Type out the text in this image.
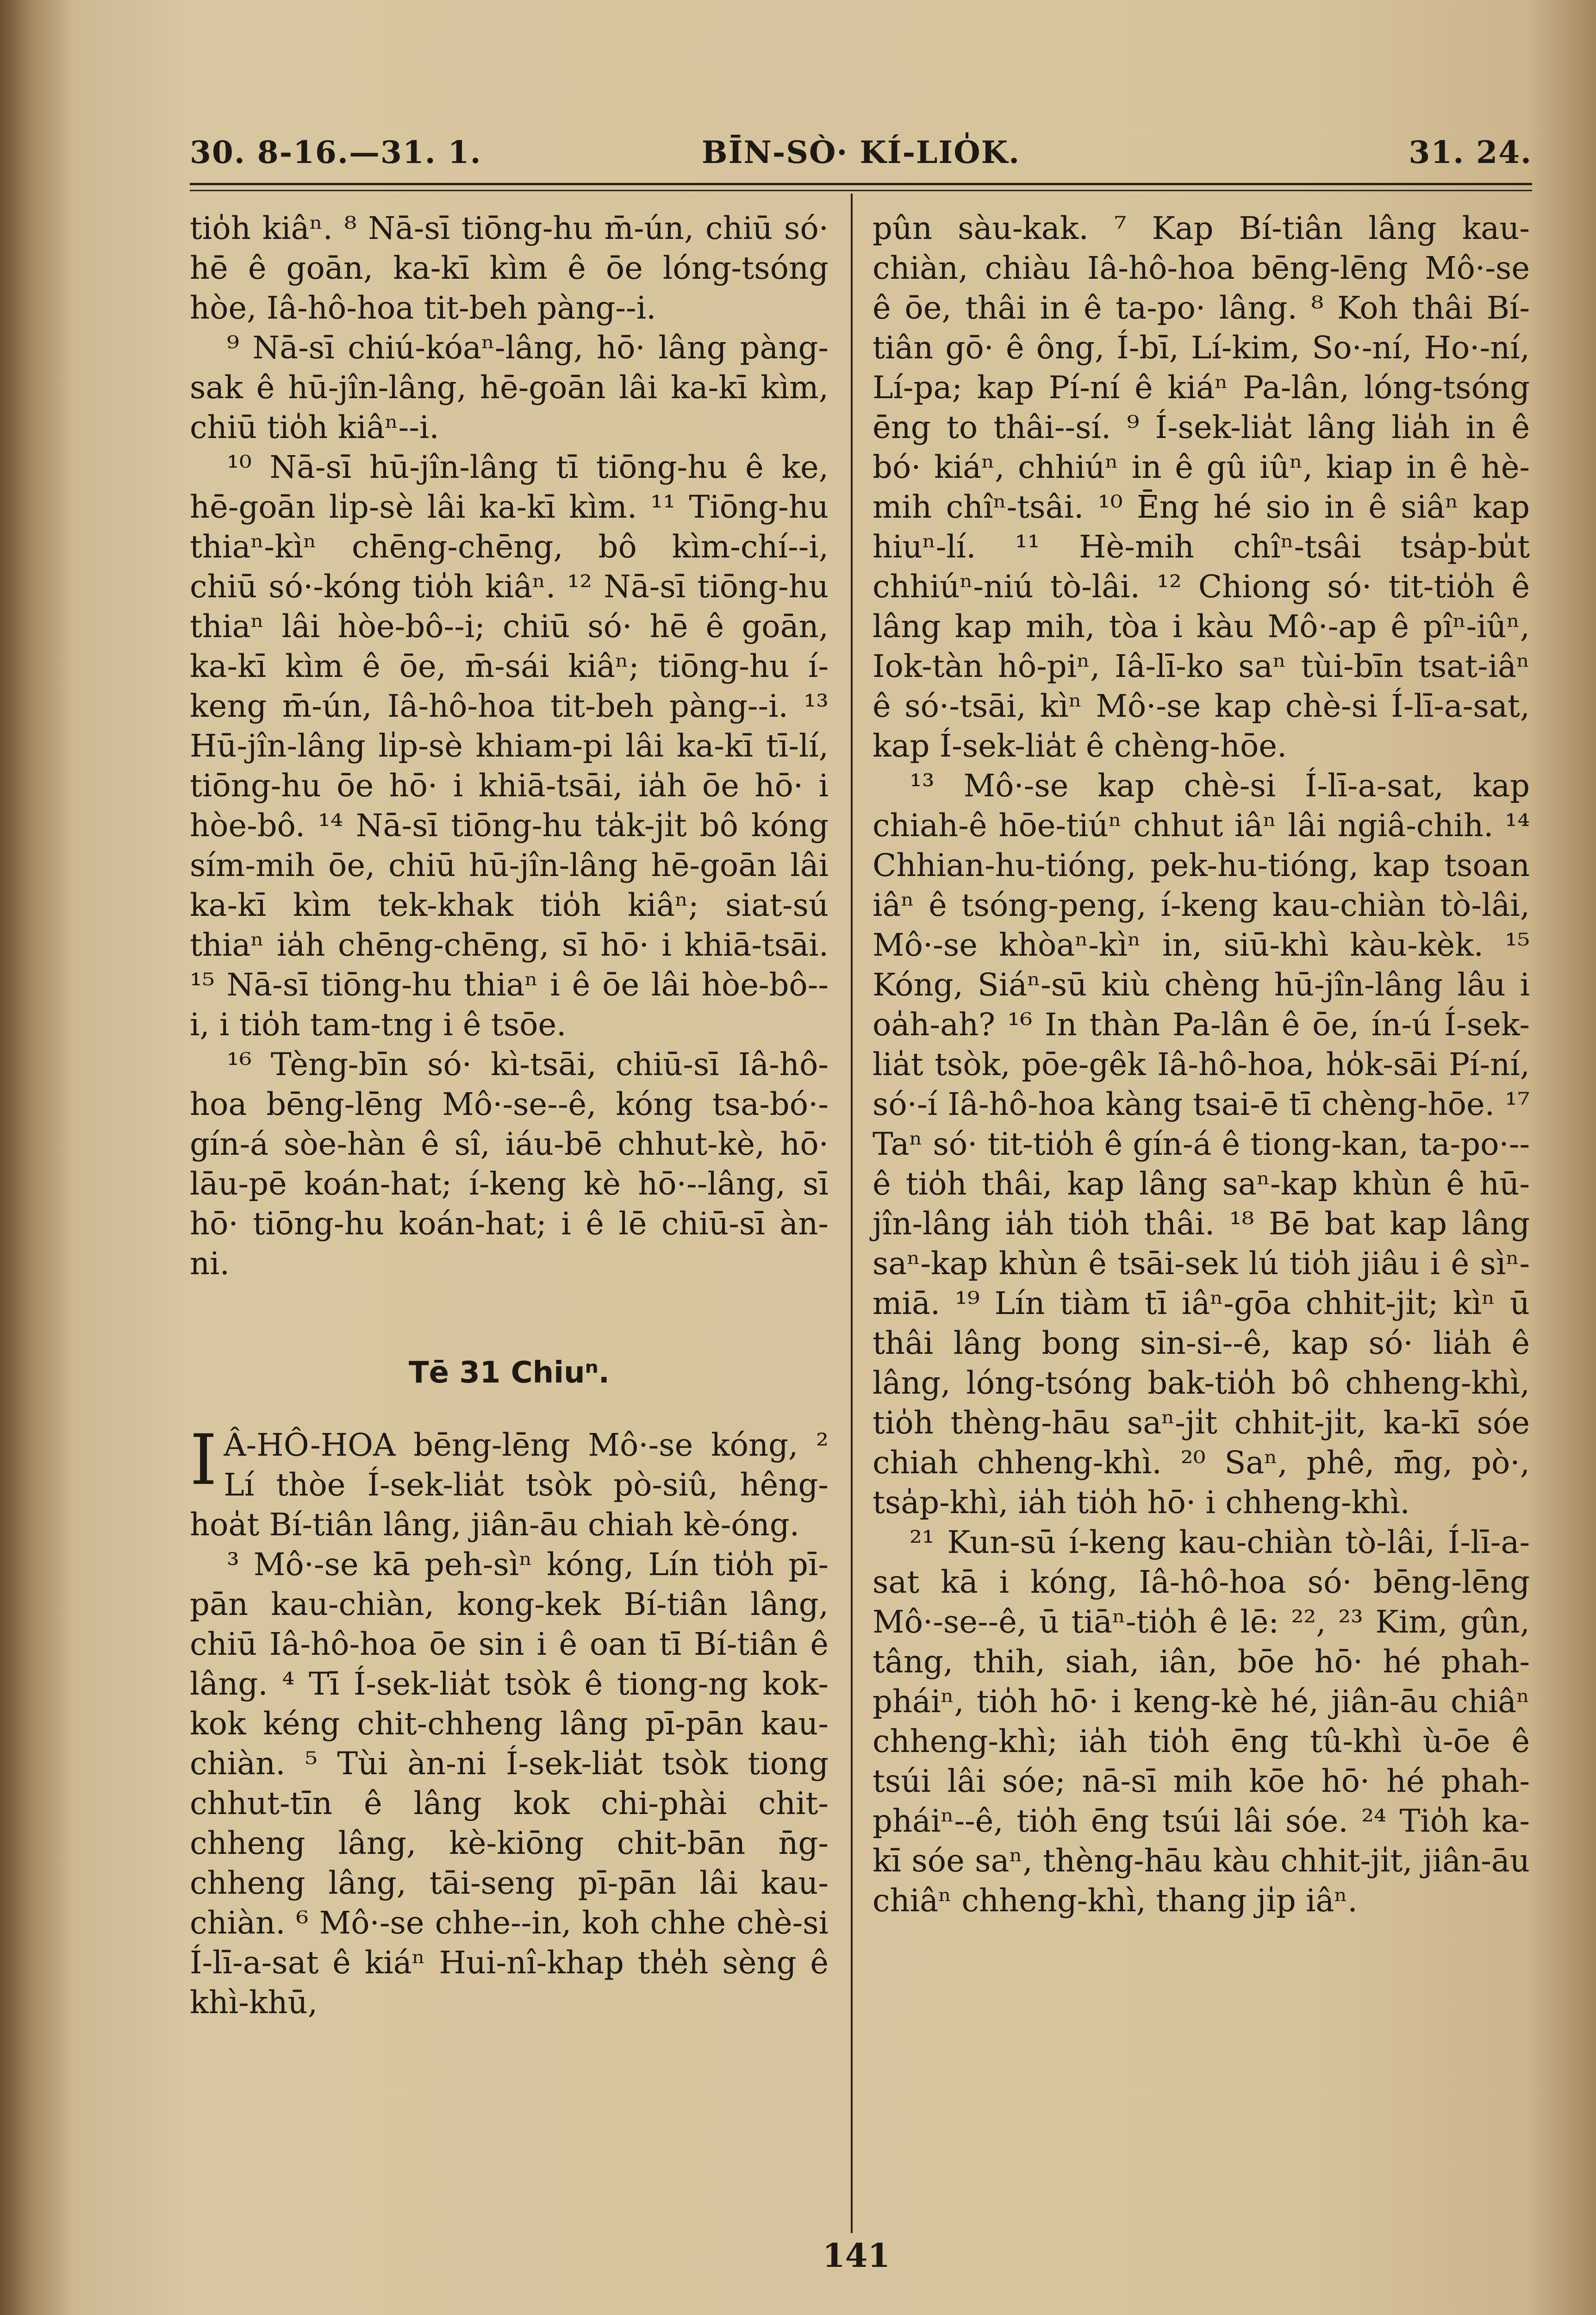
30. 8-16.—31. 1.	BĪN-SÒ· KÍ-LIO̍K.	31. 24.

tio̍h kiâⁿ. ⁸ Nā-sī tiōng-hu m̄-ún, chiū só· hē ê goān, ka-kī kìm ê ōe lóng-tsóng hòe, Iâ-hô-hoa tit-beh pàng--i.

⁹ Nā-sī chiú-kóaⁿ-lâng, hō· lâng pàng-sak ê hū-jîn-lâng, hē-goān lâi ka-kī kìm, chiū tio̍h kiâⁿ--i.

¹⁰ Nā-sī hū-jîn-lâng tī tiōng-hu ê ke, hē-goān li̍p-sè lâi ka-kī kìm. ¹¹ Tiōng-hu thiaⁿ-kìⁿ chēng-chēng, bô kìm-chí--i, chiū só·-kóng tio̍h kiâⁿ. ¹² Nā-sī tiōng-hu thiaⁿ lâi hòe-bô--i; chiū só· hē ê goān, ka-kī kìm ê ōe, m̄-sái kiâⁿ; tiōng-hu í-keng m̄-ún, Iâ-hô-hoa tit-beh pàng--i. ¹³ Hū-jîn-lâng li̍p-sè khiam-pi lâi ka-kī tī-lí, tiōng-hu ōe hō· i khiā-tsāi, ia̍h ōe hō· i hòe-bô. ¹⁴ Nā-sī tiōng-hu ta̍k-ji̍t bô kóng sím-mih ōe, chiū hū-jîn-lâng hē-goān lâi ka-kī kìm tek-khak tio̍h kiâⁿ; siat-sú thiaⁿ ia̍h chēng-chēng, sī hō· i khiā-tsāi. ¹⁵ Nā-sī tiōng-hu thiaⁿ i ê ōe lâi hòe-bô--i, i tio̍h tam-tng i ê tsōe.

¹⁶ Tèng-bīn só· kì-tsāi, chiū-sī Iâ-hô-hoa bēng-lēng Mô·-se--ê, kóng tsa-bó·-gín-á sòe-hàn ê sî, iáu-bē chhut-kè, hō· lāu-pē koán-hat; í-keng kè hō·--lâng, sī hō· tiōng-hu koán-hat; i ê lē chiū-sī àn-ni.

Tē 31 Chiuⁿ.

I Â-HÔ-HOA bēng-lēng Mô·-se kóng, ² Lí thòe Í-sek-lia̍t tsòk pò-siû, hêng-hoa̍t Bí-tiân lâng, jiân-āu chiah kè-óng.

³ Mô·-se kā peh-sìⁿ kóng, Lín tio̍h pī-pān kau-chiàn, kong-kek Bí-tiân lâng, chiū Iâ-hô-hoa ōe sin i ê oan tī Bí-tiân ê lâng. ⁴ Tī Í-sek-lia̍t tsòk ê tiong-ng kok-kok kéng chit-chheng lâng pī-pān kau-chiàn. ⁵ Tùi àn-ni Í-sek-lia̍t tsòk tiong chhut-tīn ê lâng kok chi-phài chit-chheng lâng, kè-kiōng chit-bān n̄g-chheng lâng, tāi-seng pī-pān lâi kau-chiàn. ⁶ Mô·-se chhe--in, koh chhe chè-si Í-lī-a-sat ê kiáⁿ Hui-nî-khap the̍h sèng ê khì-khū,

pûn sàu-kak. ⁷ Kap Bí-tiân lâng kau-chiàn, chiàu Iâ-hô-hoa bēng-lēng Mô·-se ê ōe, thâi in ê ta-po· lâng. ⁸ Koh thâi Bí-tiân gō· ê ông, Í-bī, Lí-kim, So·-ní, Ho·-ní, Lí-pa; kap Pí-ní ê kiáⁿ Pa-lân, lóng-tsóng ēng to thâi--sí. ⁹ Í-sek-lia̍t lâng lia̍h in ê bó· kiáⁿ, chhiúⁿ in ê gû iûⁿ, kiap in ê hè-mih chîⁿ-tsâi. ¹⁰ Ēng hé sio in ê siâⁿ kap hiuⁿ-lí. ¹¹ Hè-mih chîⁿ-tsâi tsa̍p-bu̍t chhiúⁿ-niú tò-lâi. ¹² Chiong só· tit-tio̍h ê lâng kap mih, tòa i kàu Mô·-ap ê pîⁿ-iûⁿ, Iok-tàn hô-piⁿ, Iâ-lī-ko saⁿ tùi-bīn tsat-iâⁿ ê só·-tsāi, kìⁿ Mô·-se kap chè-si Í-lī-a-sat, kap Í-sek-lia̍t ê chèng-hōe.

¹³ Mô·-se kap chè-si Í-lī-a-sat, kap chiah-ê hōe-tiúⁿ chhut iâⁿ lâi ngiâ-chih. ¹⁴ Chhian-hu-tióng, pek-hu-tióng, kap tsoan iâⁿ ê tsóng-peng, í-keng kau-chiàn tò-lâi, Mô·-se khòaⁿ-kìⁿ in, siū-khì kàu-kèk. ¹⁵ Kóng, Siáⁿ-sū kiù chèng hū-jîn-lâng lâu i oa̍h-ah? ¹⁶ In thàn Pa-lân ê ōe, ín-ú Í-sek-lia̍t tsòk, pōe-gêk Iâ-hô-hoa, ho̍k-sāi Pí-ní, só·-í Iâ-hô-hoa kàng tsai-ē tī chèng-hōe. ¹⁷ Taⁿ só· tit-tio̍h ê gín-á ê tiong-kan, ta-po·--ê tio̍h thâi, kap lâng saⁿ-kap khùn ê hū-jîn-lâng ia̍h tio̍h thâi. ¹⁸ Bē bat kap lâng saⁿ-kap khùn ê tsāi-sek lú tio̍h jiâu i ê sìⁿ-miā. ¹⁹ Lín tiàm tī iâⁿ-gōa chhit-ji̍t; kìⁿ ū thâi lâng bong sin-si--ê, kap só· lia̍h ê lâng, lóng-tsóng bak-tio̍h bô chheng-khì, tio̍h thèng-hāu saⁿ-ji̍t chhit-ji̍t, ka-kī sóe chiah chheng-khì. ²⁰ Saⁿ, phê, m̄g, pò·, tsa̍p-khì, ia̍h tio̍h hō· i chheng-khì.

²¹ Kun-sū í-keng kau-chiàn tò-lâi, Í-lī-a-sat kā i kóng, Iâ-hô-hoa só· bēng-lēng Mô·-se--ê, ū tiāⁿ-tio̍h ê lē: ²², ²³ Kim, gûn, tâng, thih, siah, iân, bōe hō· hé phah-pháiⁿ, tio̍h hō· i keng-kè hé, jiân-āu chiâⁿ chheng-khì; ia̍h tio̍h ēng tû-khì ù-ōe ê tsúi lâi sóe; nā-sī mih kōe hō· hé phah-pháiⁿ--ê, tio̍h ēng tsúi lâi sóe. ²⁴ Tio̍h ka-kī sóe saⁿ, thèng-hāu kàu chhit-ji̍t, jiân-āu chiâⁿ chheng-khì, thang ji̍p iâⁿ.

141
